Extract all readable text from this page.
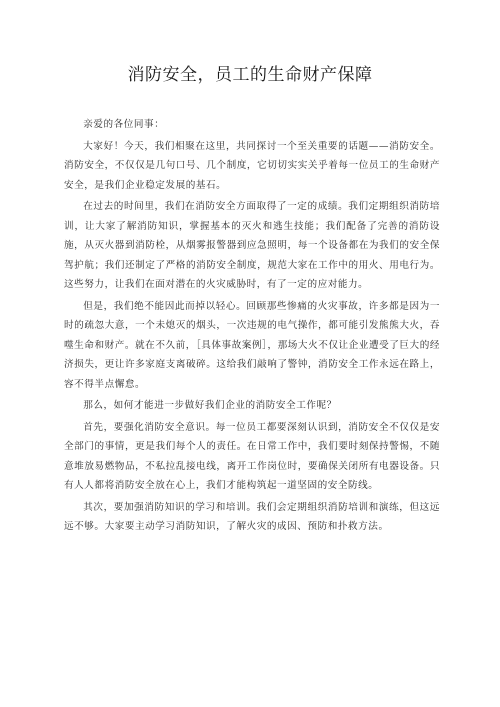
消防安全，员工的生命财产保障

亲爱的各位同事：

大家好！今天，我们相聚在这里，共同探讨一个至关重要的话题——消防安全。消防安全，不仅仅是几句口号、几个制度，它切切实实关乎着每一位员工的生命财产安全，是我们企业稳定发展的基石。

在过去的时间里，我们在消防安全方面取得了一定的成绩。我们定期组织消防培训，让大家了解消防知识，掌握基本的灭火和逃生技能；我们配备了完善的消防设施，从灭火器到消防栓，从烟雾报警器到应急照明，每一个设备都在为我们的安全保驾护航；我们还制定了严格的消防安全制度，规范大家在工作中的用火、用电行为。这些努力，让我们在面对潜在的火灾威胁时，有了一定的应对能力。

但是，我们绝不能因此而掉以轻心。回顾那些惨痛的火灾事故，许多都是因为一时的疏忽大意，一个未熄灭的烟头，一次违规的电气操作，都可能引发熊熊大火，吞噬生命和财产。就在不久前，［具体事故案例］，那场大火不仅让企业遭受了巨大的经济损失，更让许多家庭支离破碎。这给我们敲响了警钟，消防安全工作永远在路上，容不得半点懈怠。

那么，如何才能进一步做好我们企业的消防安全工作呢？

首先，要强化消防安全意识。每一位员工都要深刻认识到，消防安全不仅仅是安全部门的事情，更是我们每个人的责任。在日常工作中，我们要时刻保持警惕，不随意堆放易燃物品，不私拉乱接电线，离开工作岗位时，要确保关闭所有电器设备。只有人人都将消防安全放在心上，我们才能构筑起一道坚固的安全防线。

其次，要加强消防知识的学习和培训。我们会定期组织消防培训和演练，但这远远不够。大家要主动学习消防知识，了解火灾的成因、预防和扑救方法。
